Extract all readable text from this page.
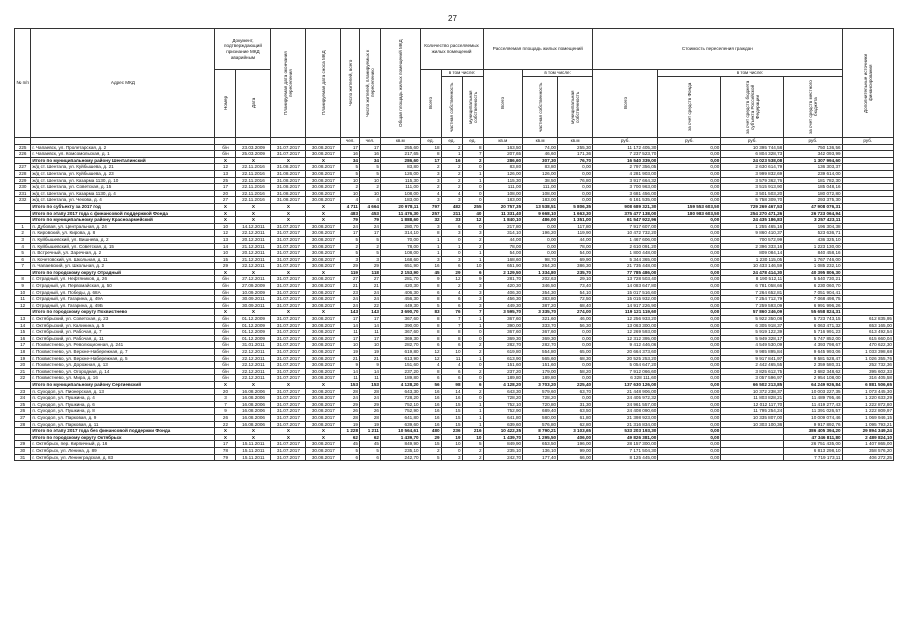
27
№ п/п	Адрес МКД	Документ, подтверждающий признание МКД аварийным		Планируемая дата окончания переселения	Планируемая дата сноса МКД	Число жителей, всего	Число жителей, планируемых к переселению	Общая площадь жилых помещений МКД	Количество расселяемых жилых помещений			Расселяемая площадь жилых помещений			Стоимость переселения граждан				Дополнительные источники финансирования

		Номер	Дата						Всего	в том числе:		Всего	в том числе:		Всего	в том числе:			

										частная собственность	муниципальная собственность		частная собственность	муниципальная собственность		за счет средств Фонда	за счет средств бюджета субъекта Российской Федерации	за счет средств местного бюджета	

						чел.	чел.	кв.м	ед.	ед.	ед.	кв.м	кв.м	кв.м	руб.	руб.	руб.	руб.	руб.
225	г. Чапаевск, ул. Пролетарская, д. 2	б/н	23.03.2009	31.07.2017	30.08.2017	17	17	255,60	18	2	8	163,50	74,00	255,30	11 172 405,30	0,00	10 395 744,58	750 136,56	
226	г. Чапаевск, ул. Комсомольская, д. 1	б/н	25.03.2009	31.07.2017	30.08.2017	16	16	217,65	8	1	7	207,65	46,60	171,36	7 237 523,70	0,00	6 804 328,73	342 093,99	
	Итого по муниципальному району Шенталинский	X	X	X	X	34	34	286,60	17	16	2	286,60	307,30	76,70	16 540 339,00	0,00	24 023 538,08	1 307 994,60	
227	ж/д ст. Шентала, ул. Куйбышева, д. 21	12	22.11.2016	31.08.2017	30.08.2017	5	5	83,80	2	2	0	83,80	83,80	0,00	2 797 356,05	0,00	2 630 614,79	136 303,37	
228	ж/д ст. Шентала, ул. Куйбышева, д. 23	13	22.11.2016	31.08.2017	30.08.2017	5	5	126,00	3	2	1	126,00	126,00	0,00	4 281 903,00	0,00	3 999 832,69	239 614,00	
229	ж/д ст. Шентала, ул. Казарма 1130, д. 10	25	22.11.2016	31.08.2017	30.08.2017	10	10	115,30	3	2	1	115,30	38,50	76,80	3 917 664,32	0,00	3 579 362,76	181 782,30	
230	ж/д ст. Шентала, ул. Советская, д. 15	17	22.11.2016	31.08.2017	30.08.2017	2	2	111,00	2	2	0	111,00	111,00	0,00	3 700 963,00	0,00	3 515 913,90	185 048,16	
231	ж/д ст. Шентала, ул. Казарма 1130, д. 4	20	22.11.2016	31.08.2017	30.08.2017	10	10	108,00	4	4	0	108,00	108,00	0,00	3 681 456,00	0,00	3 501 503,20	180 072,80	
232	ж/д ст. Шентала, ул. Чехова, д. 4	27	22.11.2016	31.08.2017	30.08.2017	4	4	183,00	3	3	0	183,00	183,00	0,00	6 161 535,00	0,00	5 758 309,70	293 375,30	
	Итого по субъекту за 2017 год	X	X	X	X	4 711	4 664	20 978,11	797	482	255	20 757,35	13 538,51	5 806,35	908 689 321,30	159 553 603,50	729 269 467,53	47 908 076,31	
	Итого по этапу 2017 года с финансовой поддержкой Фонда	X	X	X	X	483	453	11 476,30	257	211	40	11 331,40	9 668,10	1 663,30	375 477 138,00	180 983 603,50	254 270 471,26	26 723 064,94	
	Итого по муниципальному району Красноармейский	X	X	X	X	79	79	1 888,60	32	33	12	1 840,10	486,00	1 351,00	61 547 922,96	0,00	24 435 186,83	3 257 423,11	
1	п. Дубовая, ул. Центральная, д. 24	10	14.12.2011	31.07.2017	30.08.2017	24	24	280,70	3	6	0	217,80	0,00	117,80	7 917 607,00	0,00	1 255 465,16	196 304,38	
2	п. Кировский, ул. Кирова, д. 8	12	22.12.2011	31.07.2017	30.08.2017	17	17	314,10	8	3	3	314,10	196,20	119,90	10 472 732,20	0,00	9 860 410,37	523 636,71	
3	п. Куйбышевский, ул. Вишнева, д. 2	13	20.12.2011	31.07.2017	30.08.2017	5	5	70,00	1	0	2	44,00	0,00	44,00	1 467 606,00	0,00	700 572,99	436 325,10	
4	п. Куйбышевский, ул. Советская, д. 15	14	21.12.2011	31.07.2017	30.08.2017	2	2	78,00	1	1	2	78,00	0,00	78,00	2 610 091,20	0,00	2 396 333,16	1 223 130,00	
5	п. Встречный, ул. Заречная, д. 2	10	20.12.2011	31.07.2017	30.08.2017	5	5	108,00	1	0	1	54,00	0,00	54,00	1 800 448,00	0,00	809 084,14	840 458,16	
6	п. Кочетовский, ул. Школьная, д. 11	15	21.12.2011	31.07.2017	30.08.2017	3	3	168,60	3	3	1	168,60	98,70	69,90	5 344 365,00	0,00	1 230 115,05	1 767 746,00	
7	п. Чапаевский, ул. Школьная, д. 2	29	22.12.2011	31.07.2017	30.08.2017	29	29	651,90	16	6	10	651,90	264,20	386,30	21 735 448,00	0,00	10 433 146,59	1 085 232,10	
	Итого по городскому округу Отрадный	X	X	X	X	119	118	2 153,90	45	29	6	2 129,50	1 334,80	235,70	77 785 486,00	0,00	24 478 414,30	40 395 806,30	
8	г. Отрадный, ул. Нефтяников, д. 26	б/н	27.12.2011	31.07.2017	30.08.2017	27	27	281,70	9	12	9	281,70	202,63	29,10	13 728 503,40	0,00	8 190 512,11	5 540 730,21	
9	г. Отрадный, ул. Первомайская, д. 50	б/н	27.09.2009	31.07.2017	30.08.2017	21	21	420,30	8	2	3	420,30	346,50	73,40	14 083 647,80	0,00	6 781 058,66	6 230 060,70	
10	г. Отрадный, ул. Победы, д. 68А	б/н	10.09.2009	31.07.2017	30.08.2017	23	24	406,30	6	4	3	406,30	354,30	54,10	15 017 516,60	0,00	7 264 652,81	7 051 904,41	
11	г. Отрадный, ул. Гагарина, д. 49А	б/н	30.09.2011	31.07.2017	30.08.2017	24	24	456,30	8	6	3	456,30	383,80	72,50	15 015 932,00	0,00	7 254 712,79	7 068 498,75	
12	г. Отрадный, ул. Гагарина, д. 49Б	б/н	30.09.2011	31.07.2017	30.08.2017	24	22	449,30	5	6	3	449,30	387,20	68,40	14 917 226,90	0,00	7 259 593,09	6 991 996,26	
	Итого по городскому округу Похвистнево	X	X	X	X	143	143	3 690,70	83	76	7	3 595,70	3 335,70	274,00	119 121 119,60	0,00	57 860 246,09	55 658 824,31	
13	г. Октябрьский, ул. Советская, д. 23	б/н	01.12.2009	31.07.2017	30.08.2017	17	17	367,60	8	7	1	367,60	321,60	46,00	12 256 933,20	0,00	5 922 350,08	5 723 743,15	612 835,95
14	г. Октябрьский, ул. Калинина, д. 5	б/н	01.12.2009	31.07.2017	30.08.2017	14	14	390,00	8	7	1	390,00	333,70	56,30	13 063 300,00	0,00	6 305 918,37	6 063 471,32	653 165,00
15	г. Октябрьский, ул. Рабочая, д. 7	б/н	01.12.2009	31.07.2017	30.08.2017	11	11	367,60	8	8	0	367,60	367,60	0,00	12 269 593,00	0,00	5 919 122,39	5 716 991,23	613 492,54
16	г. Октябрьский, ул. Рабочая, д. 11	б/н	01.12.2009	31.07.2017	30.08.2017	17	17	369,30	8	8	0	369,30	369,30	0,00	12 312 395,00	0,00	5 949 328,17	5 747 852,00	615 660,04
17	г. Похвистнево, ул. Революционная, д. 241	б/н	31.01.2011	31.07.2017	30.08.2017	10	10	282,70	6	6	2	282,70	282,70	0,00	9 412 446,06	0,00	4 549 530,09	4 393 798,67	470 622,30
18	г. Похвистнево, ул. Верхне-Набережная, д. 7	б/н	22.12.2011	31.07.2017	30.08.2017	19	19	619,80	12	10	2	619,80	554,80	65,00	20 664 373,60	0,00	9 985 895,84	9 645 993,06	1 033 398,68
19	г. Похвистнево, ул. Верхне-Набережная, д. 5	б/н	22.12.2011	31.07.2017	30.08.2017	21	21	613,90	12	11	1	613,90	565,60	68,30	20 525 253,20	0,00	9 917 841,97	9 581 528,47	1 026 355,76
20	г. Похвистнево, ул. Дорожная, д. 13	б/н	22.12.2011	31.07.2017	30.08.2017	9	9	151,60	4	4	0	151,60	151,60	0,00	5 054 647,20	0,00	2 442 465,55	2 359 580,31	252 732,36
21	г. Похвистнево, ул. Огородная, д. 14	б/н	22.12.2011	31.07.2017	30.08.2017	14	14	237,20	8	6	2	237,20	179,00	58,20	7 912 066,60	0,00	3 825 612,75	3 682 348,62	395 602,33
22	г. Похвистнево, ул. Мира, д. 16	б/н	22.12.2011	31.07.2017	30.08.2017	11	11	189,80	6	6	0	189,80	189,80	0,00	6 328 111,60	0,00	3 057 596,97	2 954 108,00	316 405,58
	Итого по муниципальному району Сергиевский	X	X	X	X	153	153	4 128,20	56	98	6	4 128,20	3 703,20	225,40	137 630 126,00	0,00	66 502 213,85	64 249 926,84	6 881 506,65
23	п. Суходол, ул. Пионерская, д. 13	20	16.08.2006	31.07.2017	30.08.2017	28	28	643,30	16	14	2	643,30	579,60	63,70	21 448 906,00	0,00	10 372 238,37	10 003 227,35	1 073 445,30
24	п. Суходол, ул. Пушкина, д. 4	3	16.08.2006	31.07.2017	30.08.2017	24	24	728,20	16	16	0	728,20	728,20	0,00	24 405 972,32	0,00	11 803 828,21	11 489 795,46	1 220 633,29
25	п. Суходол, ул. Пушкина, д. 6	7	16.08.2006	31.07.2017	30.08.2017	29	29	752,10	16	15	1	752,10	720,80	31,30	24 961 557,00	0,00	12 012 117,70	11 419 277,43	1 222 872,80
26	п. Суходол, ул. Пушкина, д. 8	9	16.08.2006	31.07.2017	30.08.2017	26	26	752,90	16	15	1	752,90	689,40	63,50	24 408 090,60	0,00	11 795 254,24	11 391 026,57	1 222 809,97
27	п. Суходол, ул. Парковая, д. 9	26	16.08.2006	31.07.2017	30.08.2017	28	28	641,80	16	15	1	641,80	580,00	61,80	21 398 923,00	0,00	10 335 807,00	10 009 074,46	1 069 946,15
28	п. Суходол, ул. Парковая, д. 11	22	16.08.2006	31.07.2017	30.08.2017	19	19	639,60	16	15	1	639,60	576,80	62,80	21 316 834,00	0,00	10 303 100,36	9 917 892,76	1 095 793,21
	Итого по этапу 2017 года без финансовой поддержки Фонда	X	X	X	X	1 228	1 211	10 564,61	480	236	216	10 422,35	8 790,21	3 103,65	533 203 193,30	0,00		386 405 394,20	29 894 349,24
	Итого по городскому округу Октябрьск	X	X	X	X	62	62	1 439,70	29	19	10	1 439,70	1 295,50	406,00	49 826 381,00	0,00		47 346 811,80	2 489 824,10
29	г. Октябрьск, пер. Кирпичный, д. 16	17	15.11.2011	31.07.2017	30.08.2017	45	45	849,90	15	10	5	849,90	653,50	196,00	28 157 300,00	0,00		26 751 435,00	1 407 865,00
30	г. Октябрьск, ул. Ленина, д. 89	78	15.11.2011	31.07.2017	30.08.2017	5	5	235,10	2	0	2	235,10	136,10	99,00	7 171 504,30	0,00		6 813 298,10	358 576,20
31	г. Октябрьск, ул. Ленинградская, д. 83	79	15.11.2011	31.07.2017	30.08.2017	6	6	242,70	5	3	2	242,70	177,40	66,00	8 125 445,00	0,00		7 719 173,11	406 272,25
